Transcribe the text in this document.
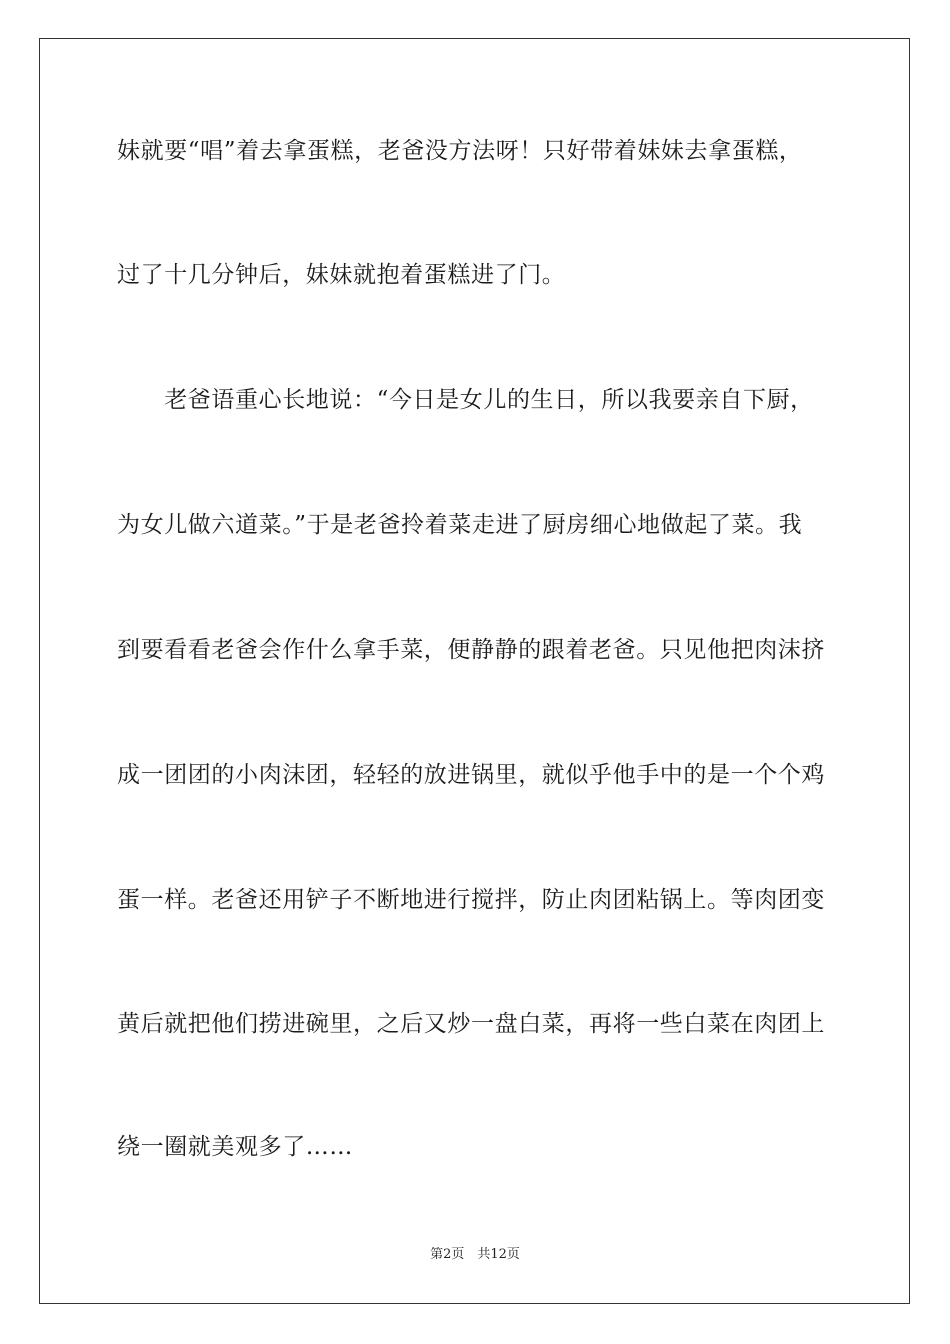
妹就要“唱”着去拿蛋糕，老爸没方法呀！只好带着妹妹去拿蛋糕，
过了十几分钟后，妹妹就抱着蛋糕进了门。
　　老爸语重心长地说：“今日是女儿的生日，所以我要亲自下厨，
为女儿做六道菜。”于是老爸拎着菜走进了厨房细心地做起了菜。我
到要看看老爸会作什么拿手菜，便静静的跟着老爸。只见他把肉沫挤
成一团团的小肉沫团，轻轻的放进锅里，就似乎他手中的是一个个鸡
蛋一样。老爸还用铲子不断地进行搅拌，防止肉团粘锅上。等肉团变
黄后就把他们捞进碗里，之后又炒一盘白菜，再将一些白菜在肉团上
绕一圈就美观多了……
第2页　共12页
